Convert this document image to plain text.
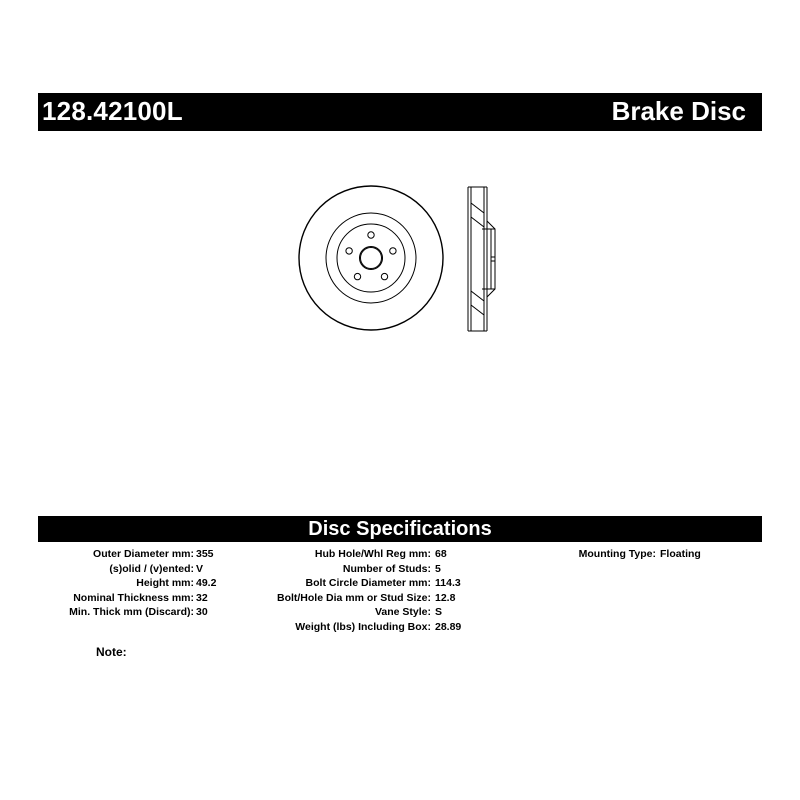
128.42100L	Brake Disc
Disc Specifications
Outer Diameter mm:
(s)olid / (v)ented:
Height mm:
Nominal Thickness mm:
Min. Thick mm (Discard):
355
V
49.2
32
30
Hub Hole/Whl Reg mm:
Number of Studs:
Bolt Circle Diameter mm:
Bolt/Hole Dia mm or Stud Size:
Vane Style:
Weight (lbs) Including Box:
68
5
114.3
12.8
S
28.89
Mounting Type: Floating
Note:
